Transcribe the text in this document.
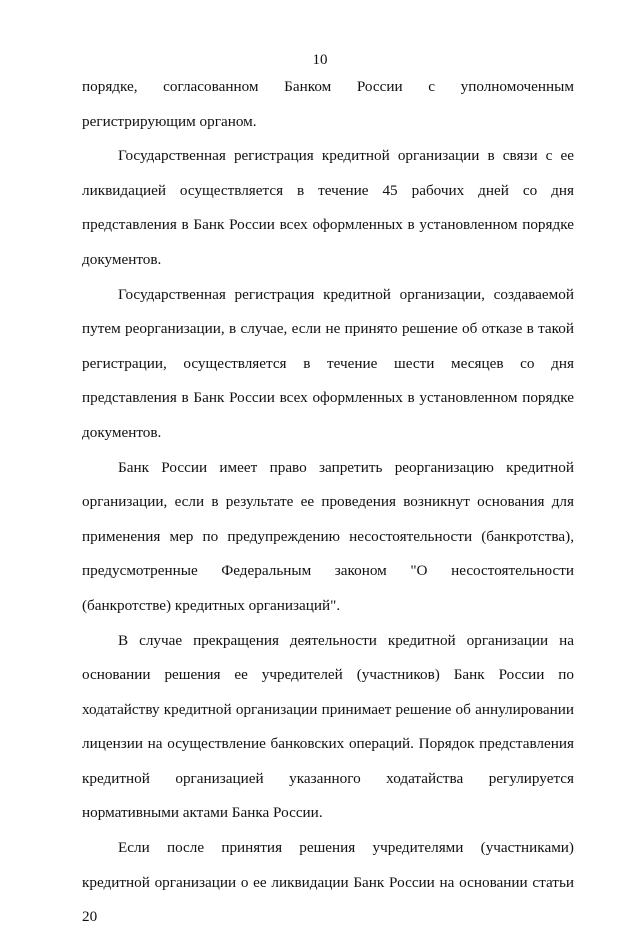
10

порядке, согласованном Банком России с уполномоченным регистрирующим органом.

Государственная регистрация кредитной организации в связи с ее ликвидацией осуществляется в течение 45 рабочих дней со дня представления в Банк России всех оформленных в установленном порядке документов.

Государственная регистрация кредитной организации, создаваемой путем реорганизации, в случае, если не принято решение об отказе в такой регистрации, осуществляется в течение шести месяцев со дня представления в Банк России всех оформленных в установленном порядке документов.

Банк России имеет право запретить реорганизацию кредитной организации, если в результате ее проведения возникнут основания для применения мер по предупреждению несостоятельности (банкротства), предусмотренные Федеральным законом "О несостоятельности (банкротстве) кредитных организаций".

В случае прекращения деятельности кредитной организации на основании решения ее учредителей (участников) Банк России по ходатайству кредитной организации принимает решение об аннулировании лицензии на осуществление банковских операций. Порядок представления кредитной организацией указанного ходатайства регулируется нормативными актами Банка России.

Если после принятия решения учредителями (участниками) кредитной организации о ее ликвидации Банк России на основании статьи 20
